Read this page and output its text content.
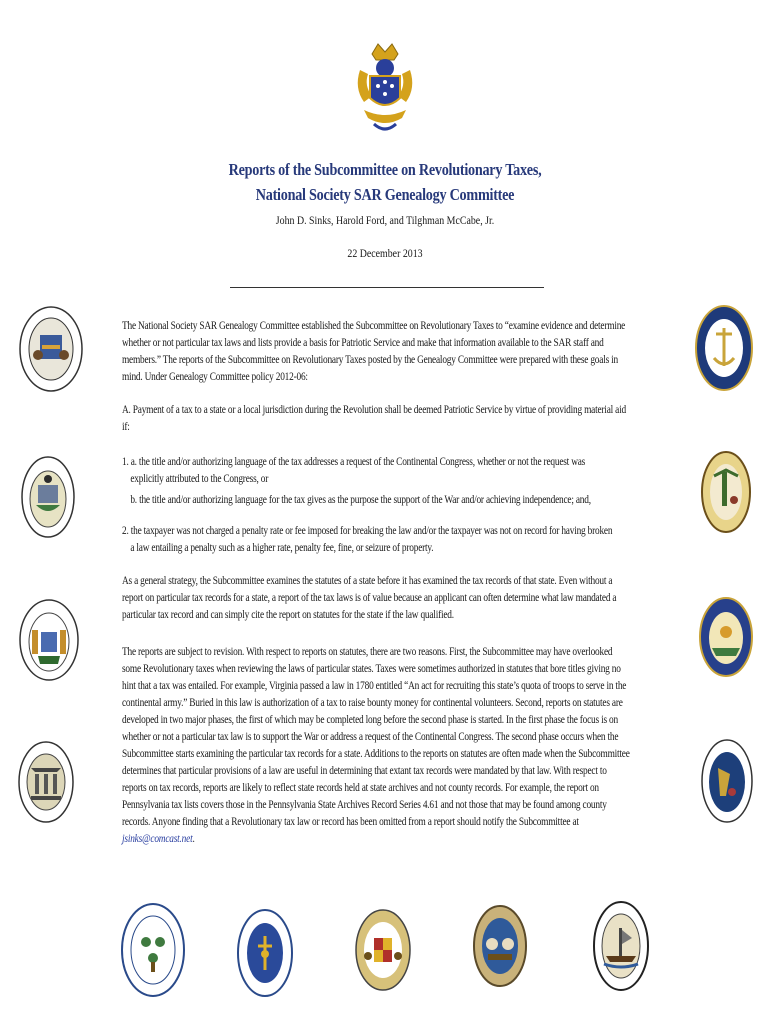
Reports of the Subcommittee on Revolutionary Taxes,
National Society SAR Genealogy Committee
John D. Sinks, Harold Ford, and Tilghman McCabe, Jr.
22 December 2013

The National Society SAR Genealogy Committee established the Subcommittee on Revolutionary Taxes to “examine evidence and determine whether or not particular tax laws and lists provide a basis for Patriotic Service and make that information available to the SAR staff and members.” The reports of the Subcommittee on Revolutionary Taxes posted by the Genealogy Committee were prepared with these goals in mind. Under Genealogy Committee policy 2012-06:

A. Payment of a tax to a state or a local jurisdiction during the Revolution shall be deemed Patriotic Service by virtue of providing material aid if:

1. a. the title and/or authorizing language of the tax addresses a request of the Continental Congress, whether or not the request was
explicitly attributed to the Congress, or

b. the title and/or authorizing language for the tax gives as the purpose the support of the War and/or achieving independence; and,

2. the taxpayer was not charged a penalty rate or fee imposed for breaking the law and/or the taxpayer was not on record for having broken
a law entailing a penalty such as a higher rate, penalty fee, fine, or seizure of property.

As a general strategy, the Subcommittee examines the statutes of a state before it has examined the tax records of that state. Even without a report on particular tax records for a state, a report of the tax laws is of value because an applicant can often determine what law mandated a particular tax record and can simply cite the report on statutes for the state if the law qualified.

The reports are subject to revision. With respect to reports on statutes, there are two reasons. First, the Subcommittee may have overlooked some Revolutionary taxes when reviewing the laws of particular states. Taxes were sometimes authorized in statutes that bore titles giving no hint that a tax was entailed. For example, Virginia passed a law in 1780 entitled “An act for recruiting this state’s quota of troops to serve in the continental army.” Buried in this law is authorization of a tax to raise bounty money for continental volunteers. Second, reports on statutes are developed in two major phases, the first of which may be completed long before the second phase is started. In the first phase the focus is on whether or not a particular tax law is to support the War or address a request of the Continental Congress. The second phase occurs when the Subcommittee starts examining the particular tax records for a state. Additions to the reports on statutes are often made when the Subcommittee determines that particular provisions of a law are useful in determining that extant tax records were mandated by that law. With respect to reports on tax records, reports are likely to reflect state records held at state archives and not county records. For example, the report on Pennsylvania tax lists covers those in the Pennsylvania State Archives Record Series 4.61 and not those that may be found among county records. Anyone finding that a Revolutionary tax law or record has been omitted from a report should notify the Subcommittee at jsinks@comcast.net.
